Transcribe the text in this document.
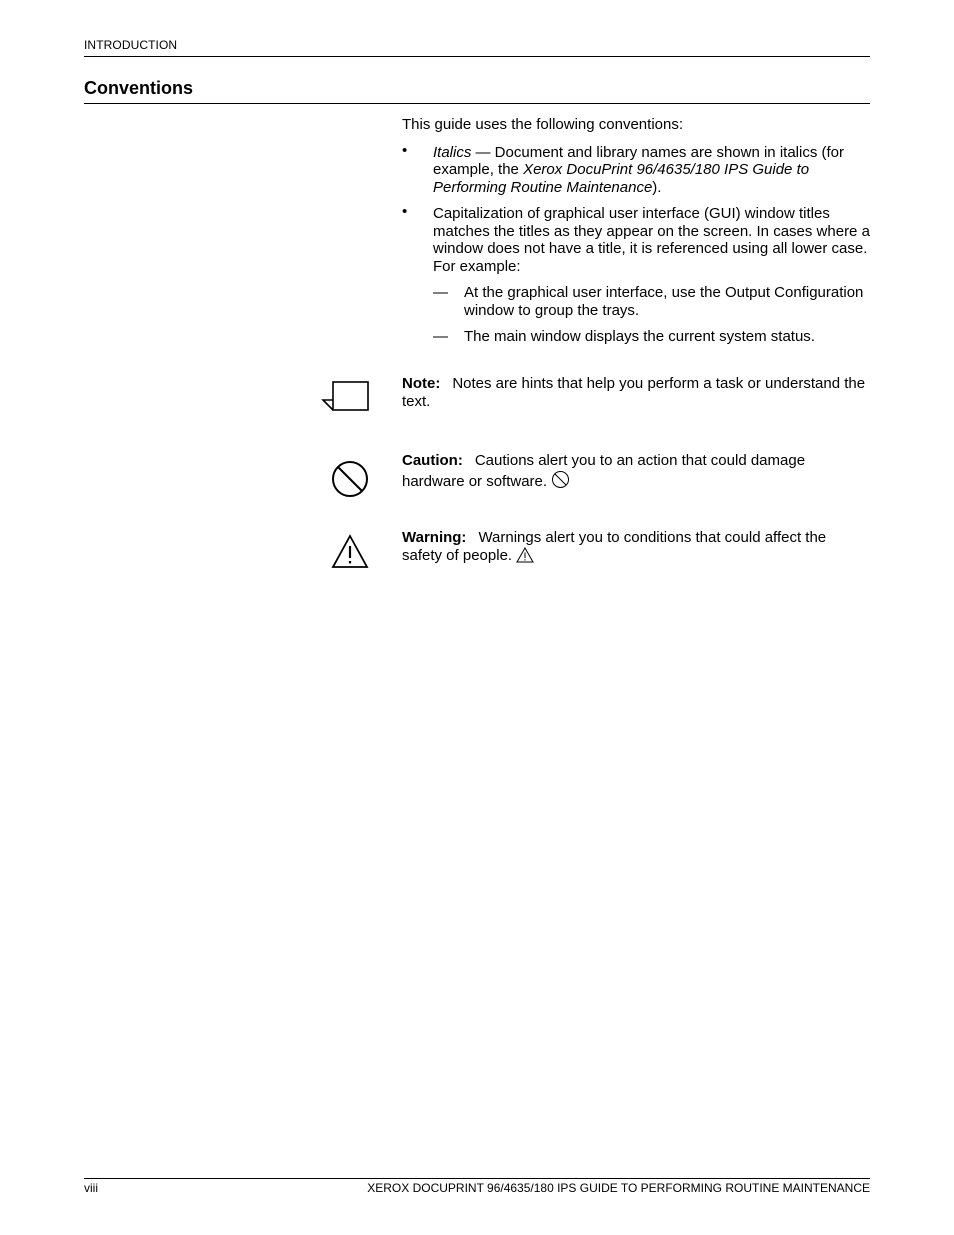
INTRODUCTION
Conventions

This guide uses the following conventions:

• Italics — Document and library names are shown in italics (for example, the Xerox DocuPrint 96/4635/180 IPS Guide to Performing Routine Maintenance).
• Capitalization of graphical user interface (GUI) window titles matches the titles as they appear on the screen. In cases where a window does not have a title, it is referenced using all lower case. For example:
— At the graphical user interface, use the Output Configuration window to group the trays.
— The main window displays the current system status.
Note: Notes are hints that help you perform a task or understand the text.
Caution: Cautions alert you to an action that could damage hardware or software.
Warning: Warnings alert you to conditions that could affect the safety of people.
viii	XEROX DOCUPRINT 96/4635/180 IPS GUIDE TO PERFORMING ROUTINE MAINTENANCE
